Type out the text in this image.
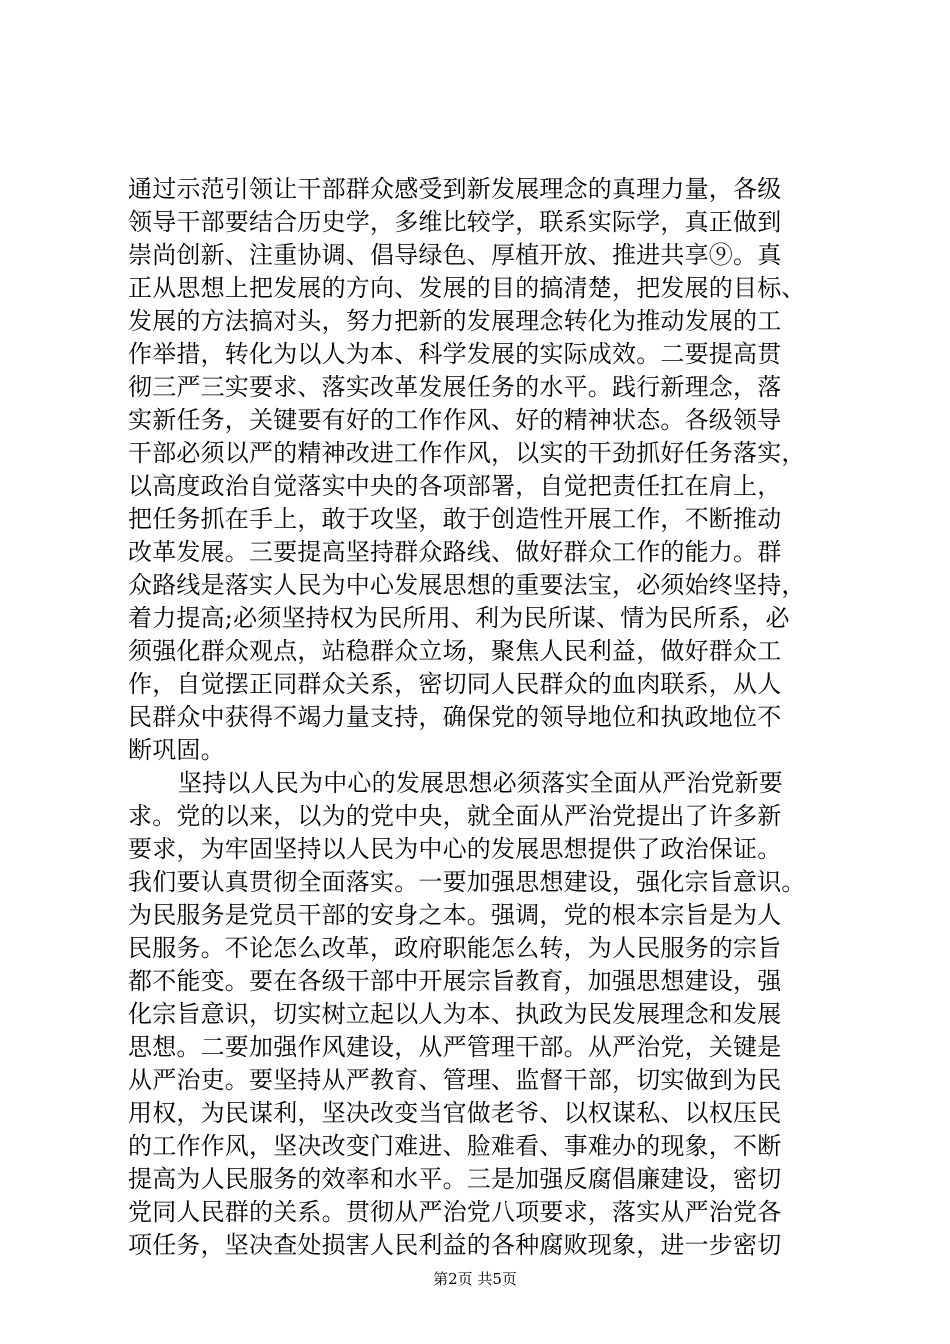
通过示范引领让干部群众感受到新发展理念的真理力量，各级
领导干部要结合历史学，多维比较学，联系实际学，真正做到
崇尚创新、注重协调、倡导绿色、厚植开放、推进共享⑨。真
正从思想上把发展的方向、发展的目的搞清楚，把发展的目标、
发展的方法搞对头，努力把新的发展理念转化为推动发展的工
作举措，转化为以人为本、科学发展的实际成效。二要提高贯
彻三严三实要求、落实改革发展任务的水平。践行新理念，落
实新任务，关键要有好的工作作风、好的精神状态。各级领导
干部必须以严的精神改进工作作风，以实的干劲抓好任务落实，
以高度政治自觉落实中央的各项部署，自觉把责任扛在肩上，
把任务抓在手上，敢于攻坚，敢于创造性开展工作，不断推动
改革发展。三要提高坚持群众路线、做好群众工作的能力。群
众路线是落实人民为中心发展思想的重要法宝，必须始终坚持，
着力提高;必须坚持权为民所用、利为民所谋、情为民所系，必
须强化群众观点，站稳群众立场，聚焦人民利益，做好群众工
作，自觉摆正同群众关系，密切同人民群众的血肉联系，从人
民群众中获得不竭力量支持，确保党的领导地位和执政地位不
断巩固。
坚持以人民为中心的发展思想必须落实全面从严治党新要
求。党的以来，以为的党中央，就全面从严治党提出了许多新
要求，为牢固坚持以人民为中心的发展思想提供了政治保证。
我们要认真贯彻全面落实。一要加强思想建设，强化宗旨意识。
为民服务是党员干部的安身之本。强调，党的根本宗旨是为人
民服务。不论怎么改革，政府职能怎么转，为人民服务的宗旨
都不能变。要在各级干部中开展宗旨教育，加强思想建设，强
化宗旨意识，切实树立起以人为本、执政为民发展理念和发展
思想。二要加强作风建设，从严管理干部。从严治党，关键是
从严治吏。要坚持从严教育、管理、监督干部，切实做到为民
用权，为民谋利，坚决改变当官做老爷、以权谋私、以权压民
的工作作风，坚决改变门难进、脸难看、事难办的现象，不断
提高为人民服务的效率和水平。三是加强反腐倡廉建设，密切
党同人民群的关系。贯彻从严治党八项要求，落实从严治党各
项任务，坚决查处损害人民利益的各种腐败现象，进一步密切
第2页 共5页
